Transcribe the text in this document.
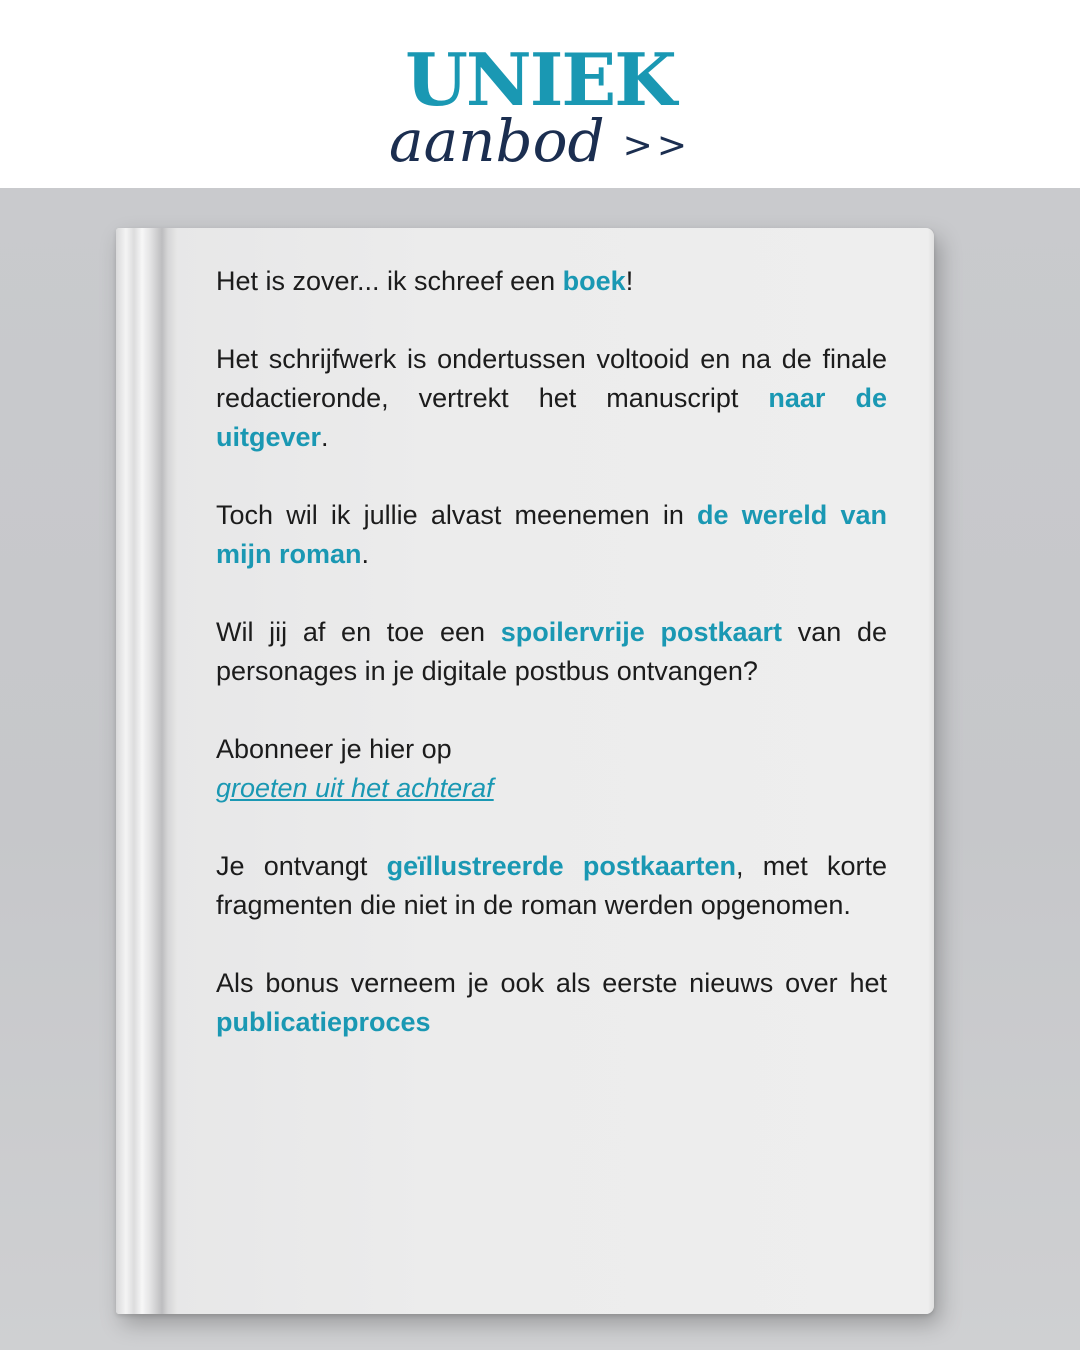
UNIEK
aanbod >>

Het is zover... ik schreef een boek!

Het schrijfwerk is ondertussen voltooid en na de finale redactieronde, vertrekt het manuscript naar de uitgever.

Toch wil ik jullie alvast meenemen in de wereld van mijn roman.

Wil jij af en toe een spoilervrije postkaart van de personages in je digitale postbus ontvangen?

Abonneer je hier op
groeten uit het achteraf

Je ontvangt geïllustreerde postkaarten, met korte fragmenten die niet in de roman werden opgenomen.

Als bonus verneem je ook als eerste nieuws over het publicatieproces
